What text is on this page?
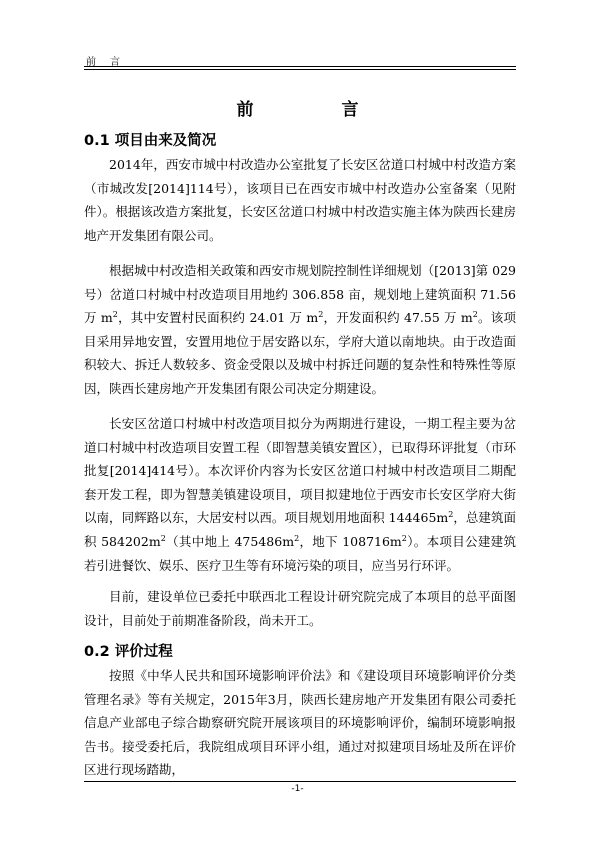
前　言
前　　言
0.1 项目由来及简况

2014年，西安市城中村改造办公室批复了长安区岔道口村城中村改造方案（市城改发[2014]114号），该项目已在西安市城中村改造办公室备案（见附件）。根据该改造方案批复，长安区岔道口村城中村改造实施主体为陕西长建房地产开发集团有限公司。

根据城中村改造相关政策和西安市规划院控制性详细规划（[2013]第 029 号）岔道口村城中村改造项目用地约 306.858 亩，规划地上建筑面积 71.56 万 $m^2$，其中安置村民面积约 24.01 万 $m^2$，开发面积约 47.55 万 $m^2$。该项目采用异地安置，安置用地位于居安路以东，学府大道以南地块。由于改造面积较大、拆迁人数较多、资金受限以及城中村拆迁问题的复杂性和特殊性等原因，陕西长建房地产开发集团有限公司决定分期建设。

长安区岔道口村城中村改造项目拟分为两期进行建设，一期工程主要为岔道口村城中村改造项目安置工程（即智慧美镇安置区），已取得环评批复（市环批复[2014]414号）。本次评价内容为长安区岔道口村城中村改造项目二期配套开发工程，即为智慧美镇建设项目，项目拟建地位于西安市长安区学府大街以南，同辉路以东，大居安村以西。项目规划用地面积 $144465m^2$，总建筑面积 $584202m^2$（其中地上 $475486m^2$，地下 $108716m^2$）。本项目公建建筑若引进餐饮、娱乐、医疗卫生等有环境污染的项目，应当另行环评。

目前，建设单位已委托中联西北工程设计研究院完成了本项目的总平面图设计，目前处于前期准备阶段，尚未开工。

0.2 评价过程

按照《中华人民共和国环境影响评价法》和《建设项目环境影响评价分类管理名录》等有关规定，2015年3月，陕西长建房地产开发集团有限公司委托信息产业部电子综合勘察研究院开展该项目的环境影响评价，编制环境影响报告书。接受委托后，我院组成项目环评小组，通过对拟建项目场址及所在评价区进行现场踏勘，

-1-
